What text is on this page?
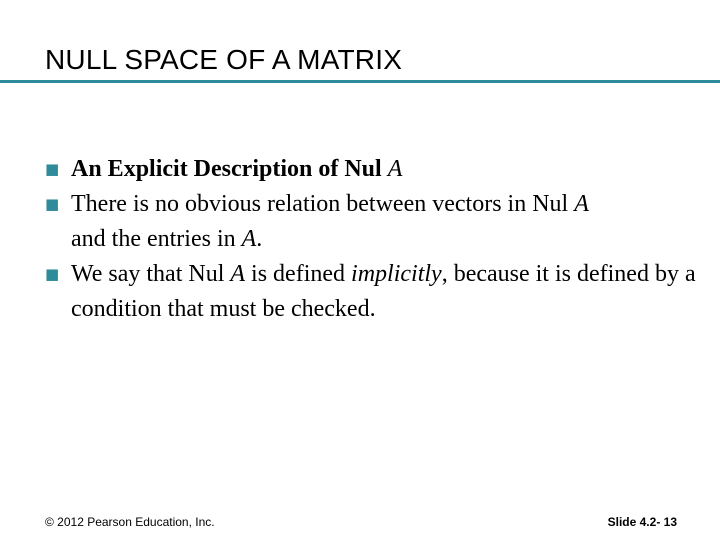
NULL SPACE OF A MATRIX
■ An Explicit Description of Nul A
■ There is no obvious relation between vectors in Nul A
and the entries in A.
■ We say that Nul A is defined implicitly, because it is defined by a condition that must be checked.
© 2012 Pearson Education, Inc.	Slide 4.2- 13
